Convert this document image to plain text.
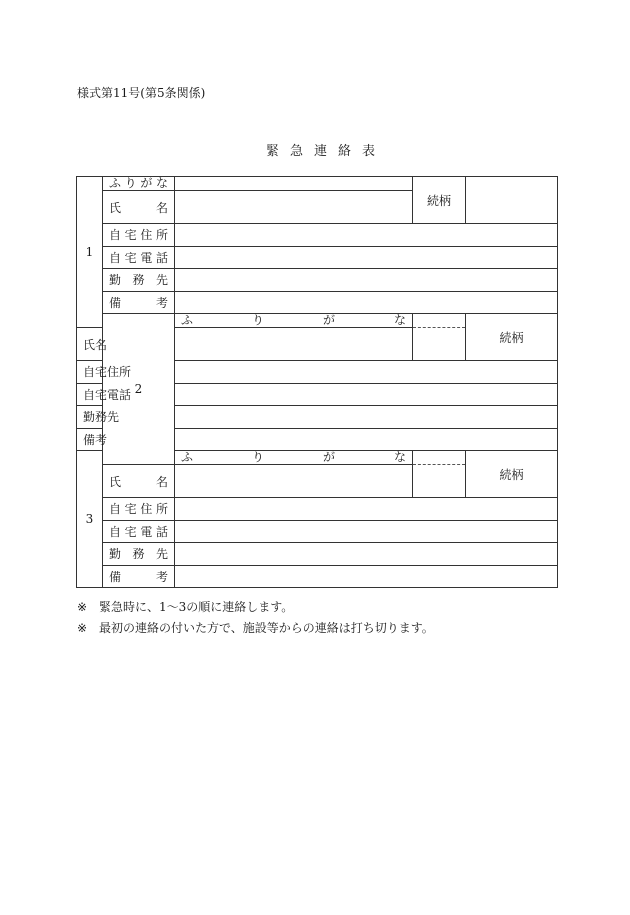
様式第11号(第5条関係)
緊急連絡表
1	ふりがな		続柄		

	氏名				

	自宅住所				

	自宅電話				

	勤務先				

	備考				

	2	ふりがな		続柄	

氏名					

自宅住所					

自宅電話					

勤務先					

備考					

3		ふりがな		続柄	

	氏名				

	自宅住所				

	自宅電話				

	勤務先				

	備考				

※ 緊急時に、1〜3の順に連絡します。
※ 最初の連絡の付いた方で、施設等からの連絡は打ち切ります。
